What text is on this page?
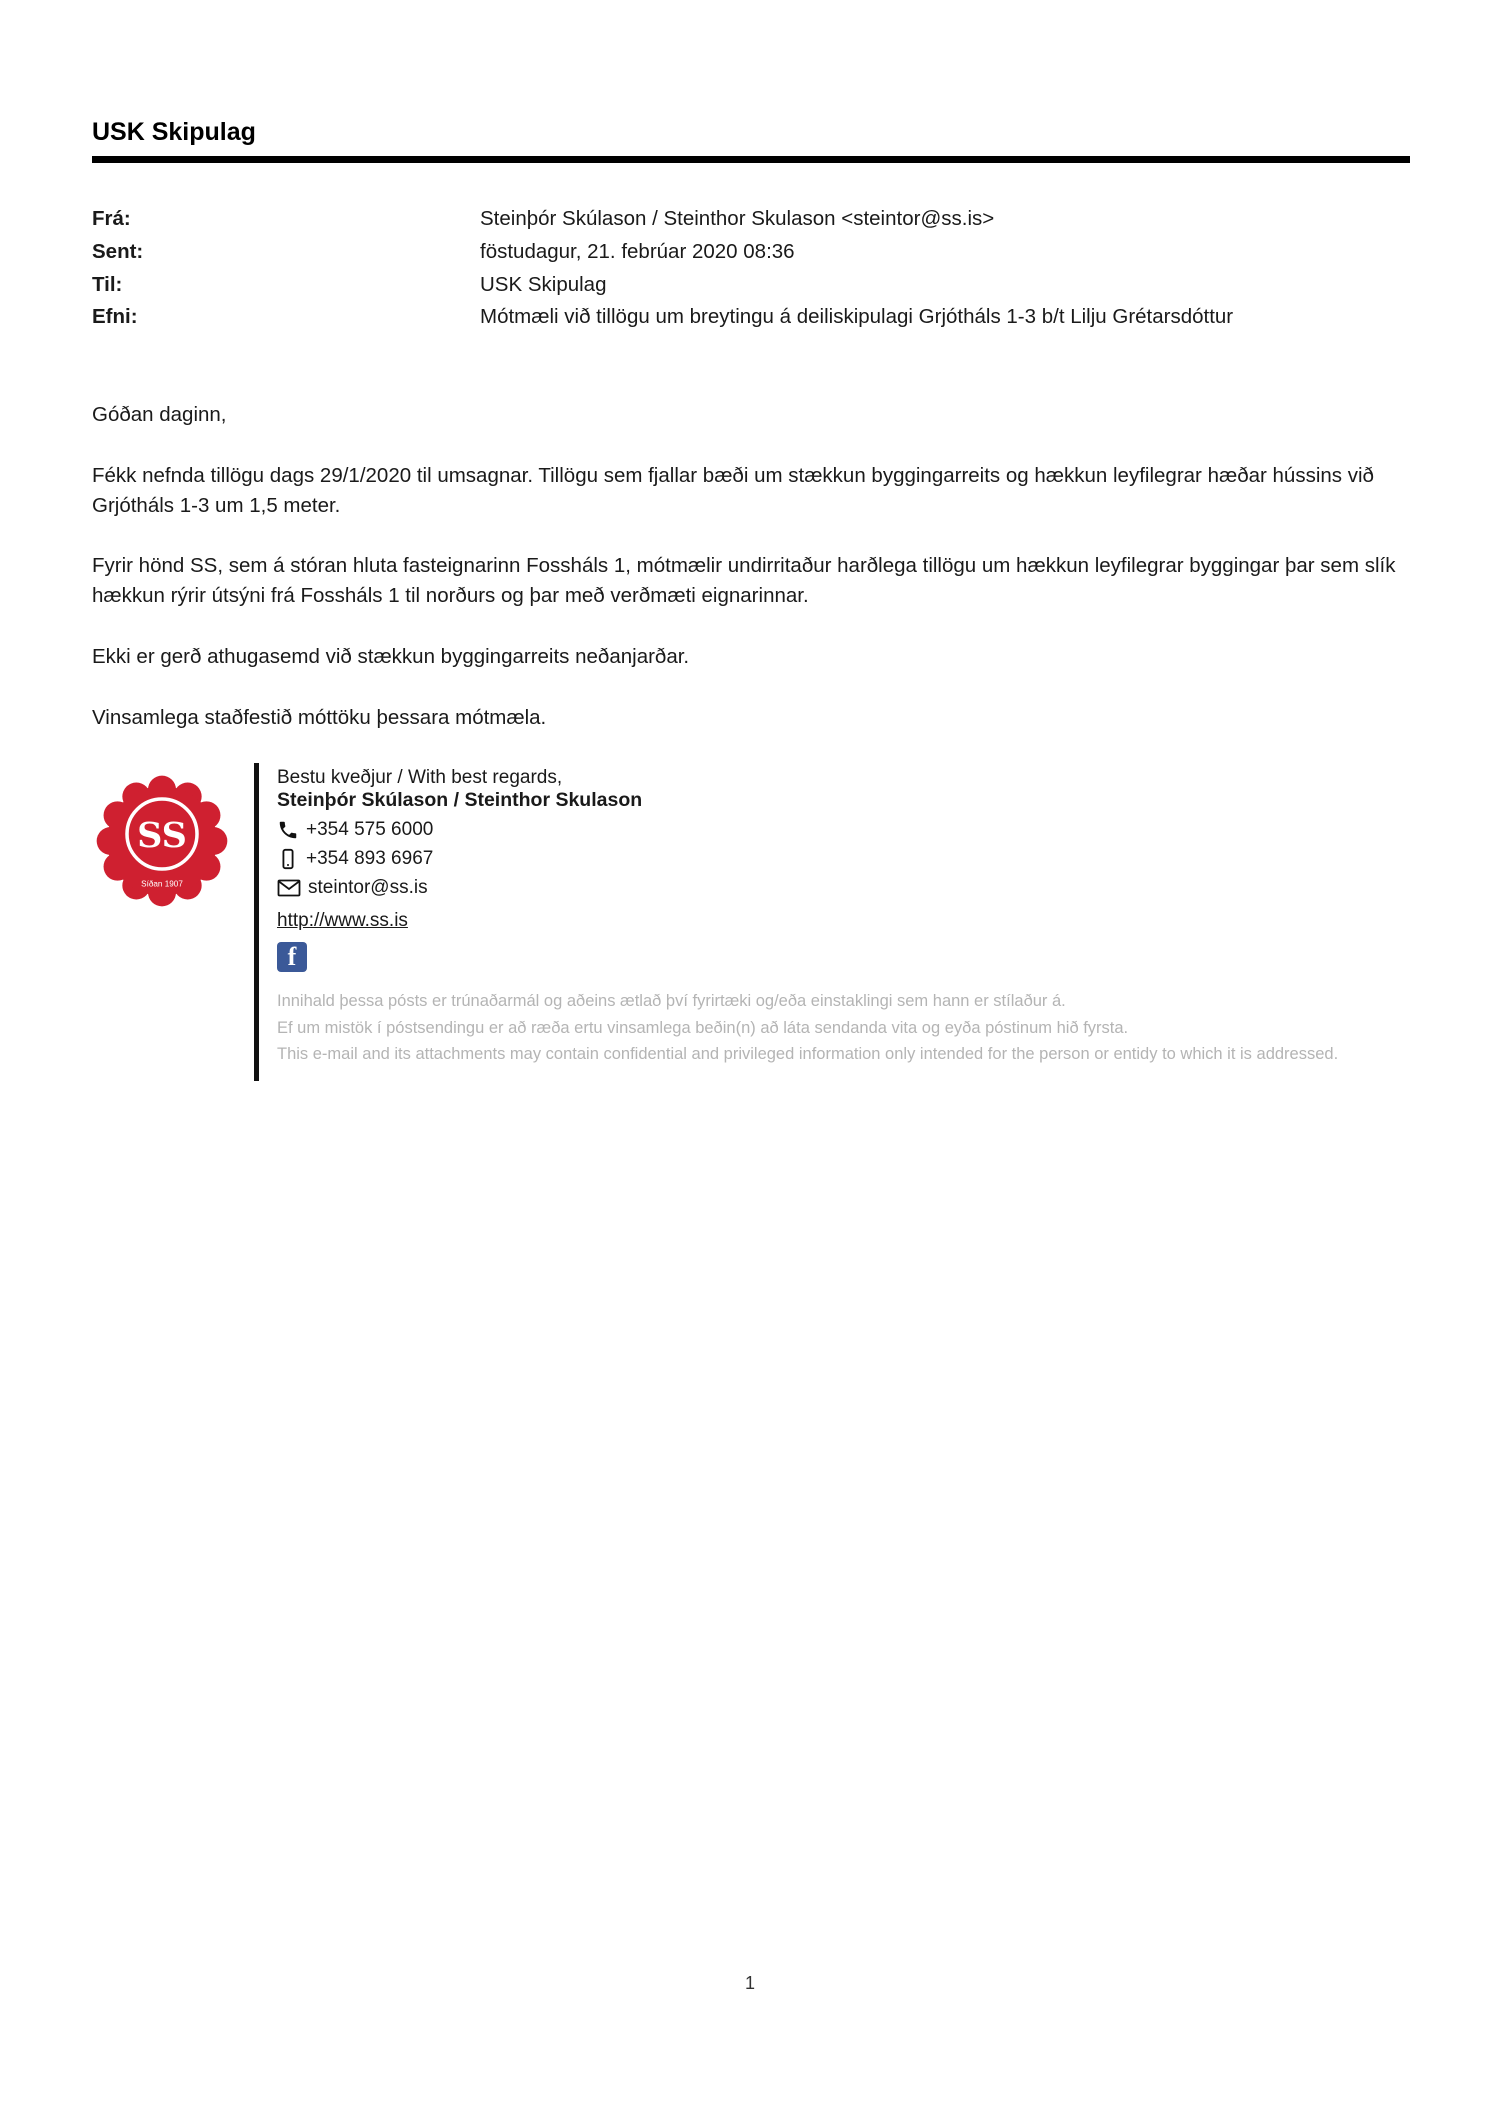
USK Skipulag
Frá:	Steinþór Skúlason / Steinthor Skulason <steintor@ss.is>
Sent:	föstudagur, 21. febrúar 2020 08:36
Til:	USK Skipulag
Efni:	Mótmæli við tillögu um breytingu á deiliskipulagi Grjótháls 1-3 b/t Lilju Grétarsdóttur

Góðan daginn,

Fékk nefnda tillögu dags 29/1/2020 til umsagnar. Tillögu sem fjallar bæði um stækkun byggingarreits og hækkun leyfilegrar hæðar hússins við Grjótháls 1-3 um 1,5 meter.

Fyrir hönd SS, sem á stóran hluta fasteignarinn Fossháls 1, mótmælir undirritaður harðlega tillögu um hækkun leyfilegrar byggingar þar sem slík hækkun rýrir útsýni frá Fossháls 1 til norðurs og þar með verðmæti eignarinnar.

Ekki er gerð athugasemd við stækkun byggingarreits neðanjarðar.

Vinsamlega staðfestið móttöku þessara mótmæla.

SS
Síðan 1907
Bestu kveðjur / With best regards,
Steinþór Skúlason / Steinthor Skulason
+354 575 6000
+354 893 6967
steintor@ss.is
http://www.ss.is
f
Innihald þessa pósts er trúnaðarmál og aðeins ætlað því fyrirtæki og/eða einstaklingi sem hann er stílaður á.
Ef um mistök í póstsendingu er að ræða ertu vinsamlega beðin(n) að láta sendanda vita og eyða póstinum hið fyrsta.
This e-mail and its attachments may contain confidential and privileged information only intended for the person or entidy to which it is addressed.
1
